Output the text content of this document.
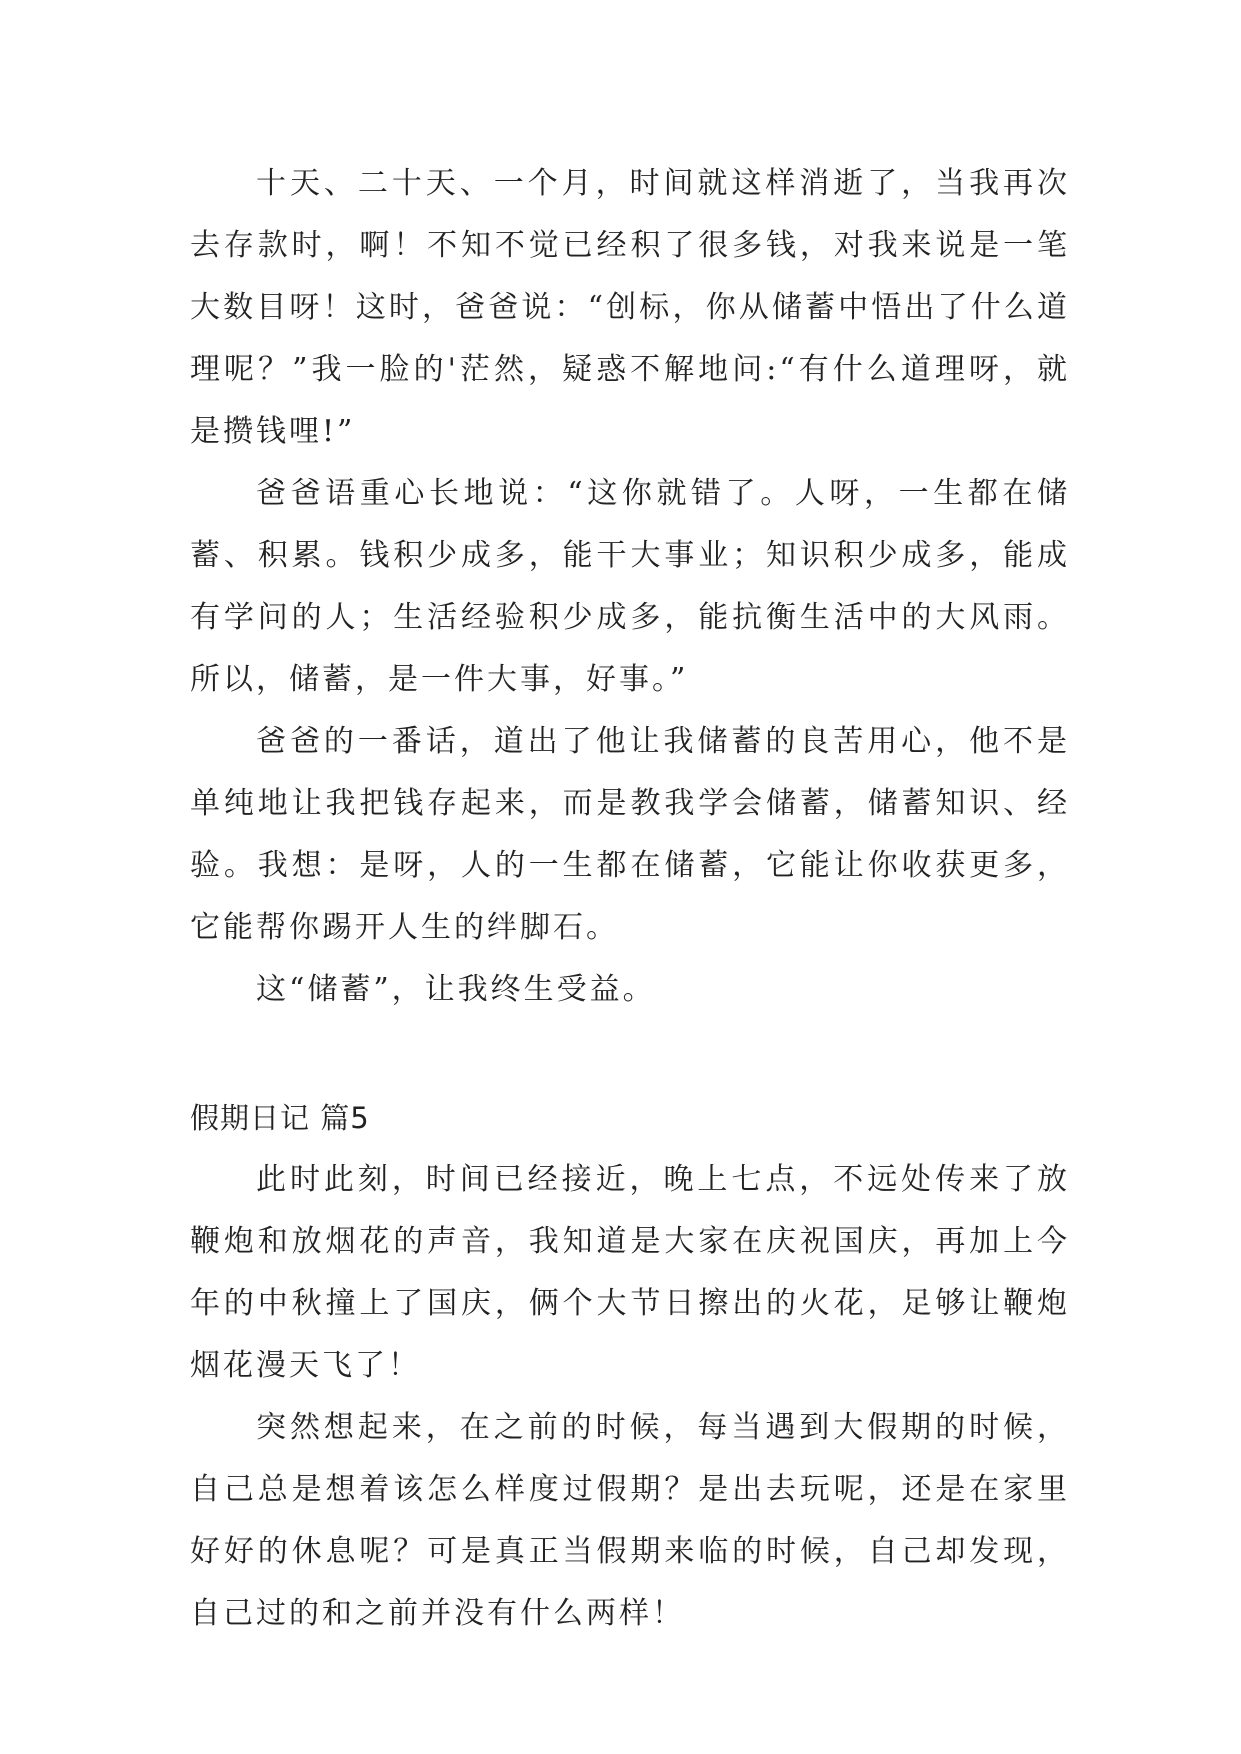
十天、二十天、一个月，时间就这样消逝了，当我再次去存款时，啊！不知不觉已经积了很多钱，对我来说是一笔大数目呀！这时，爸爸说：“创标，你从储蓄中悟出了什么道理呢？”我一脸的'茫然，疑惑不解地问:“有什么道理呀，就是攒钱哩!”

爸爸语重心长地说：“这你就错了。人呀，一生都在储蓄、积累。钱积少成多，能干大事业；知识积少成多，能成有学问的人；生活经验积少成多，能抗衡生活中的大风雨。所以，储蓄，是一件大事，好事。”

爸爸的一番话，道出了他让我储蓄的良苦用心，他不是单纯地让我把钱存起来，而是教我学会储蓄，储蓄知识、经验。我想：是呀，人的一生都在储蓄，它能让你收获更多，它能帮你踢开人生的绊脚石。

这“储蓄”，让我终生受益。

假期日记 篇5

此时此刻，时间已经接近，晚上七点，不远处传来了放鞭炮和放烟花的声音，我知道是大家在庆祝国庆，再加上今年的中秋撞上了国庆，俩个大节日擦出的火花，足够让鞭炮烟花漫天飞了！

突然想起来，在之前的时候，每当遇到大假期的时候，自己总是想着该怎么样度过假期？是出去玩呢，还是在家里好好的休息呢？可是真正当假期来临的时候，自己却发现，自己过的和之前并没有什么两样！
